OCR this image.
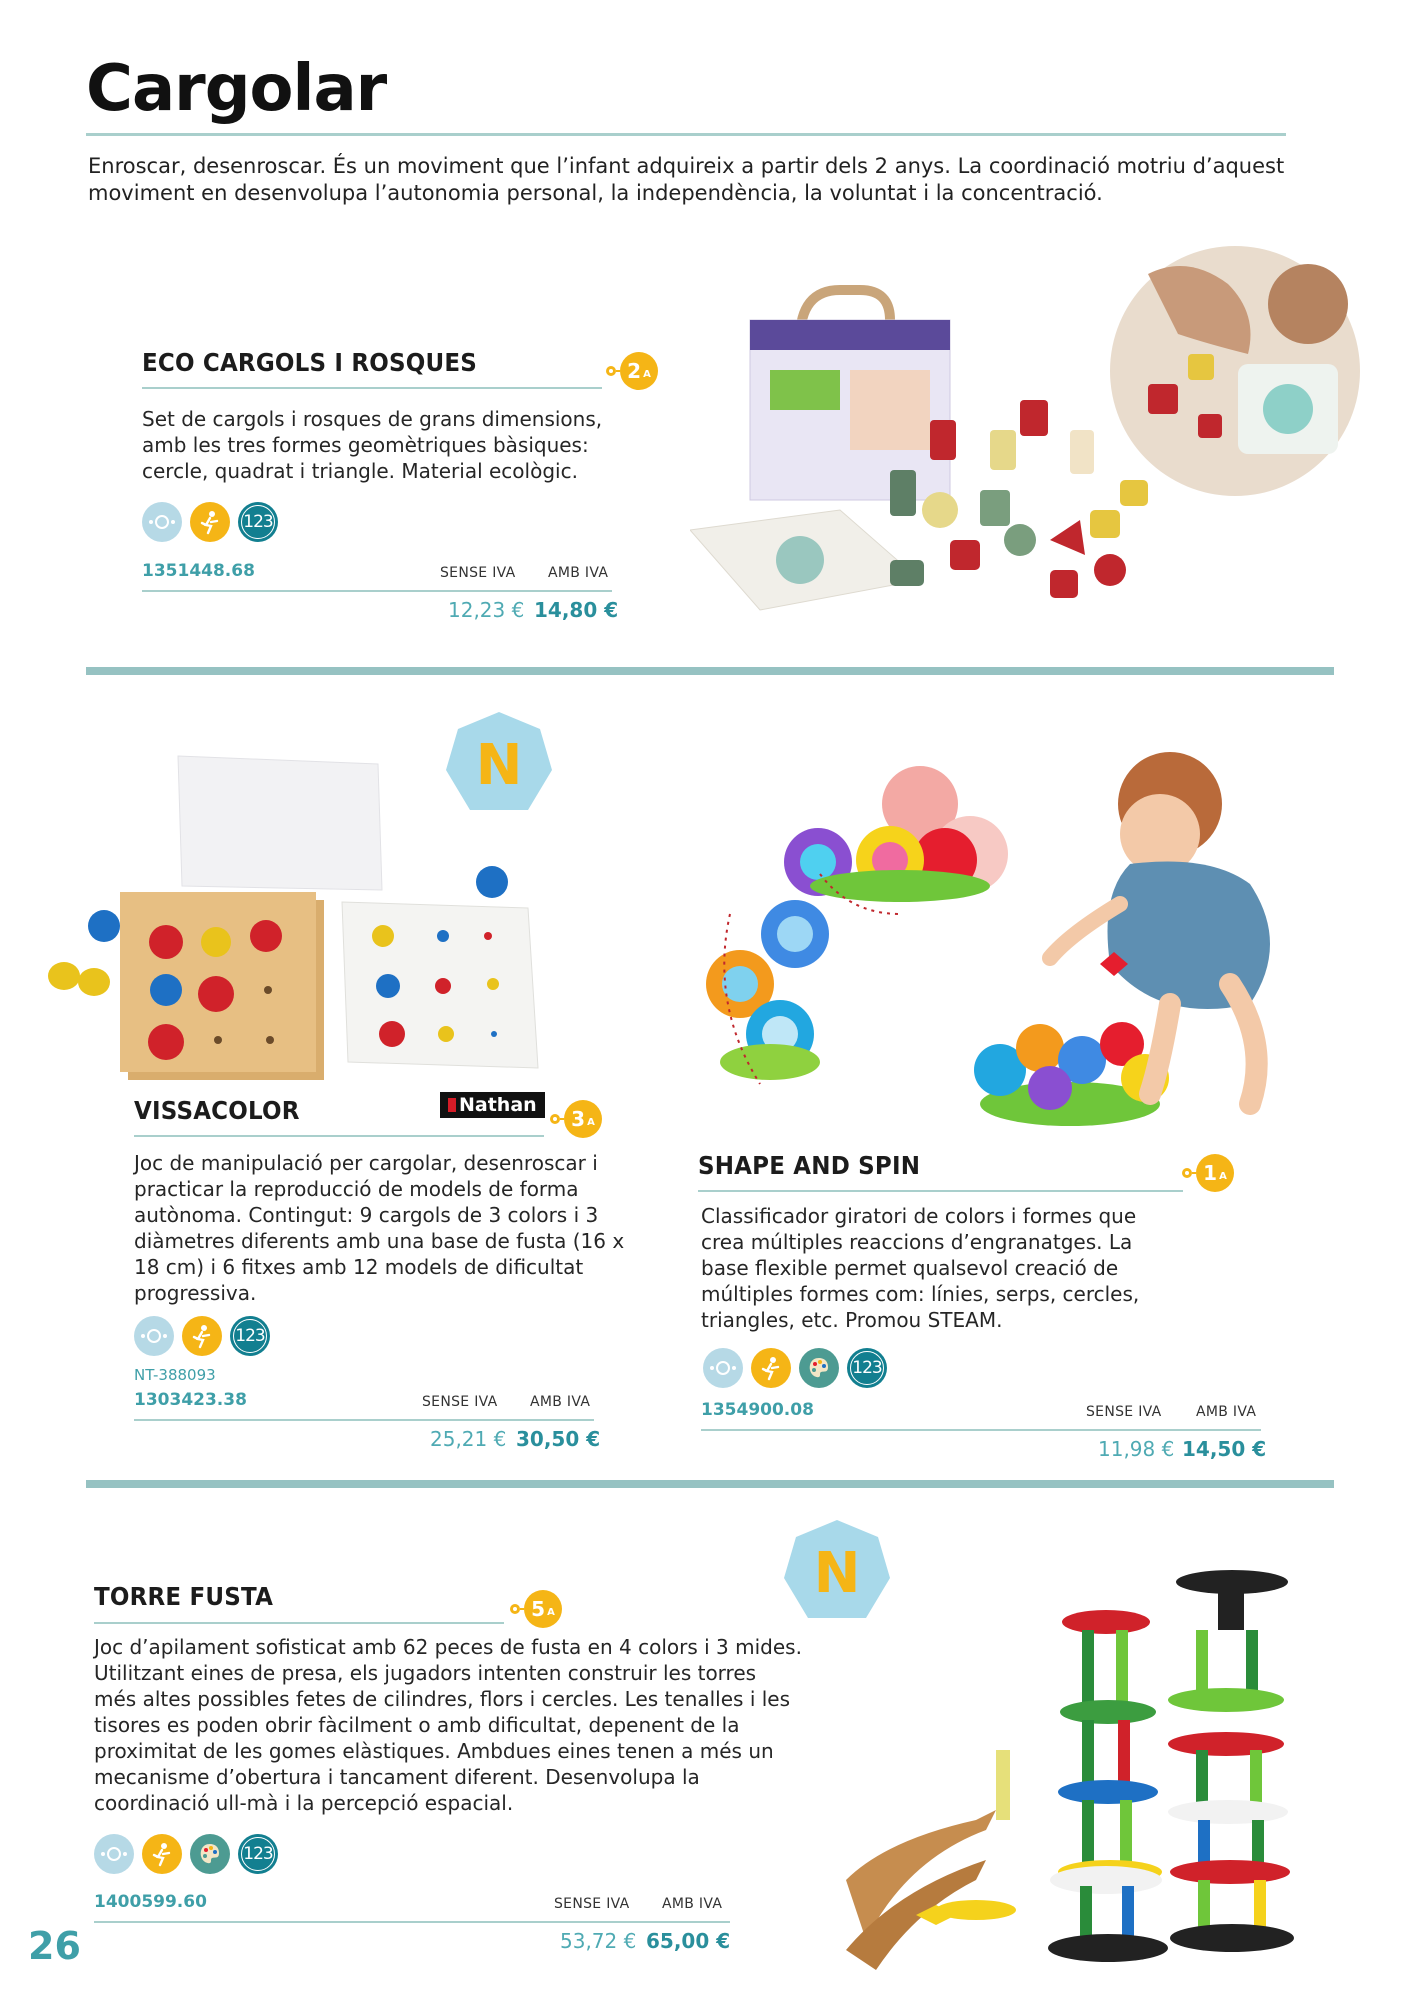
Cargolar
Enroscar, desenroscar. És un moviment que l’infant adquireix a partir dels 2 anys. La coordinació motriu d’aquest moviment en desenvolupa l’autonomia personal, la independència, la voluntat i la concentració.
ECO CARGOLS I ROSQUES	2 A
Set de cargols i rosques de grans dimensions, amb les tres formes geomètriques bàsiques: cercle, quadrat i triangle. Material ecològic.
123
1351448.68	SENSE IVA AMB IVA
12,23 € 14,80 €
N
VISSACOLOR	Nathan
3 A
Joc de manipulació per cargolar, desenroscar i practicar la reproducció de models de forma autònoma. Contingut: 9 cargols de 3 colors i 3 diàmetres diferents amb una base de fusta (16 x 18 cm) i 6 fitxes amb 12 models de dificultat progressiva.
123
NT-388093
1303423.38	SENSE IVA AMB IVA
25,21 € 30,50 €
SHAPE AND SPIN	1 A
Classificador giratori de colors i formes que crea múltiples reaccions d’engranatges. La base flexible permet qualsevol creació de múltiples formes com: línies, serps, cercles, triangles, etc. Promou STEAM.
123
1354900.08	SENSE IVA AMB IVA
11,98 € 14,50 €
N
TORRE FUSTA	5 A
Joc d’apilament sofisticat amb 62 peces de fusta en 4 colors i 3 mides. Utilitzant eines de presa, els jugadors intenten construir les torres més altes possibles fetes de cilindres, flors i cercles. Les tenalles i les tisores es poden obrir fàcilment o amb dificultat, depenent de la proximitat de les gomes elàstiques. Ambdues eines tenen a més un mecanisme d’obertura i tancament diferent. Desenvolupa la coordinació ull-mà i la percepció espacial.
123
1400599.60	SENSE IVA AMB IVA
53,72 € 65,00 €
26
